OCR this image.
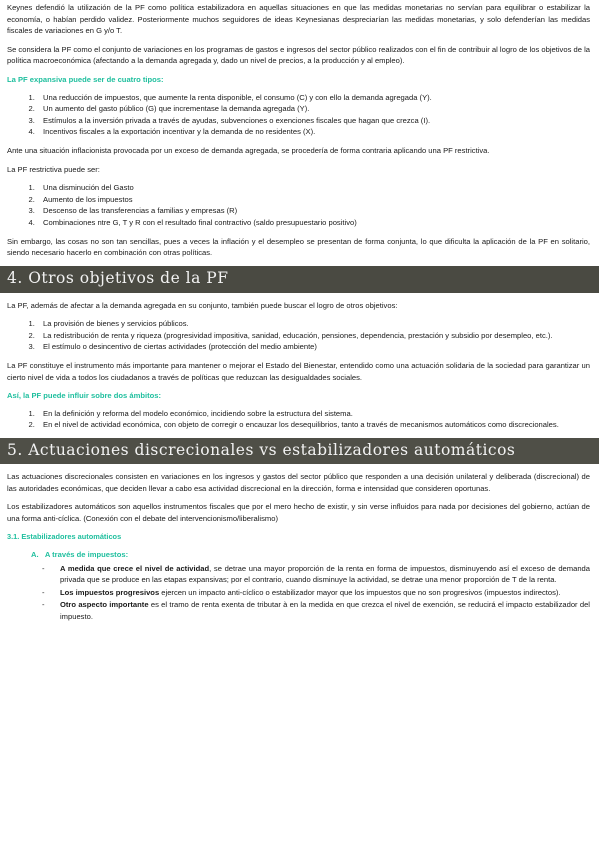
Keynes defendió la utilización de la PF como política estabilizadora en aquellas situaciones en que las medidas monetarias no servían para equilibrar o estabilizar la economía, o habían perdido validez. Posteriormente muchos seguidores de ideas Keynesianas despreciarían las medidas monetarias, y solo defenderían las medidas fiscales de variaciones en G y/o T.

Se considera la PF como el conjunto de variaciones en los programas de gastos e ingresos del sector público realizados con el fin de contribuir al logro de los objetivos de la política macroeconómica (afectando a la demanda agregada y, dado un nivel de precios, a la producción y al empleo).

La PF expansiva puede ser de cuatro tipos:

1. Una reducción de impuestos, que aumente la renta disponible, el consumo (C) y con ello la demanda agregada (Y).
2. Un aumento del gasto público (G) que incrementase la demanda agregada (Y).
3. Estímulos a la inversión privada a través de ayudas, subvenciones o exenciones fiscales que hagan que crezca (I).
4. Incentivos fiscales a la exportación incentivar y la demanda de no residentes (X).

Ante una situación inflacionista provocada por un exceso de demanda agregada, se procedería de forma contraria aplicando una PF restrictiva.

La PF restrictiva puede ser:

1. Una disminución del Gasto
2. Aumento de los impuestos
3. Descenso de las transferencias a familias y empresas (R)
4. Combinaciones ntre G, T y R con el resultado final contractivo (saldo presupuestario positivo)

Sin embargo, las cosas no son tan sencillas, pues a veces la inflación y el desempleo se presentan de forma conjunta, lo que dificulta la aplicación de la PF en solitario, siendo necesario hacerlo en combinación con otras políticas.

4. Otros objetivos de la PF

La PF, además de afectar a la demanda agregada en su conjunto, también puede buscar el logro de otros objetivos:

1. La provisión de bienes y servicios públicos.
2. La redistribución de renta y riqueza (progresividad impositiva, sanidad, educación, pensiones, dependencia, prestación y subsidio por desempleo, etc.).
3. El estímulo o desincentivo de ciertas actividades (protección del medio ambiente)

La PF constituye el instrumento más importante para mantener o mejorar el Estado del Bienestar, entendido como una actuación solidaria de la sociedad para garantizar un cierto nivel de vida a todos los ciudadanos a través de políticas que reduzcan las desigualdades sociales.

Así, la PF puede influir sobre dos ámbitos:

1. En la definición y reforma del modelo económico, incidiendo sobre la estructura del sistema.
2. En el nivel de actividad económica, con objeto de corregir o encauzar los desequilibrios, tanto a través de mecanismos automáticos como discrecionales.
5. Actuaciones discrecionales vs estabilizadores automáticos

Las actuaciones discrecionales consisten en variaciones en los ingresos y gastos del sector público que responden a una decisión unilateral y deliberada (discrecional) de las autoridades económicas, que deciden llevar a cabo esa actividad discrecional en la dirección, forma e intensidad que consideren oportunas.

Los estabilizadores automáticos son aquellos instrumentos fiscales que por el mero hecho de existir, y sin verse influidos para nada por decisiones del gobierno, actúan de una forma anti-cíclica. (Conexión con el debate del intervencionismo/liberalismo)

3.1. Estabilizadores automáticos

A. A través de impuestos:
- A medida que crece el nivel de actividad, se detrae una mayor proporción de la renta en forma de impuestos, disminuyendo así el exceso de demanda privada que se produce en las etapas expansivas; por el contrario, cuando disminuye la actividad, se detrae una menor proporción de T de la renta.
- Los impuestos progresivos ejercen un impacto anti-cíclico o estabilizador mayor que los impuestos que no son progresivos (impuestos indirectos).
- Otro aspecto importante es el tramo de renta exenta de tributar à en la medida en que crezca el nivel de exención, se reducirá el impacto estabilizador del impuesto.
